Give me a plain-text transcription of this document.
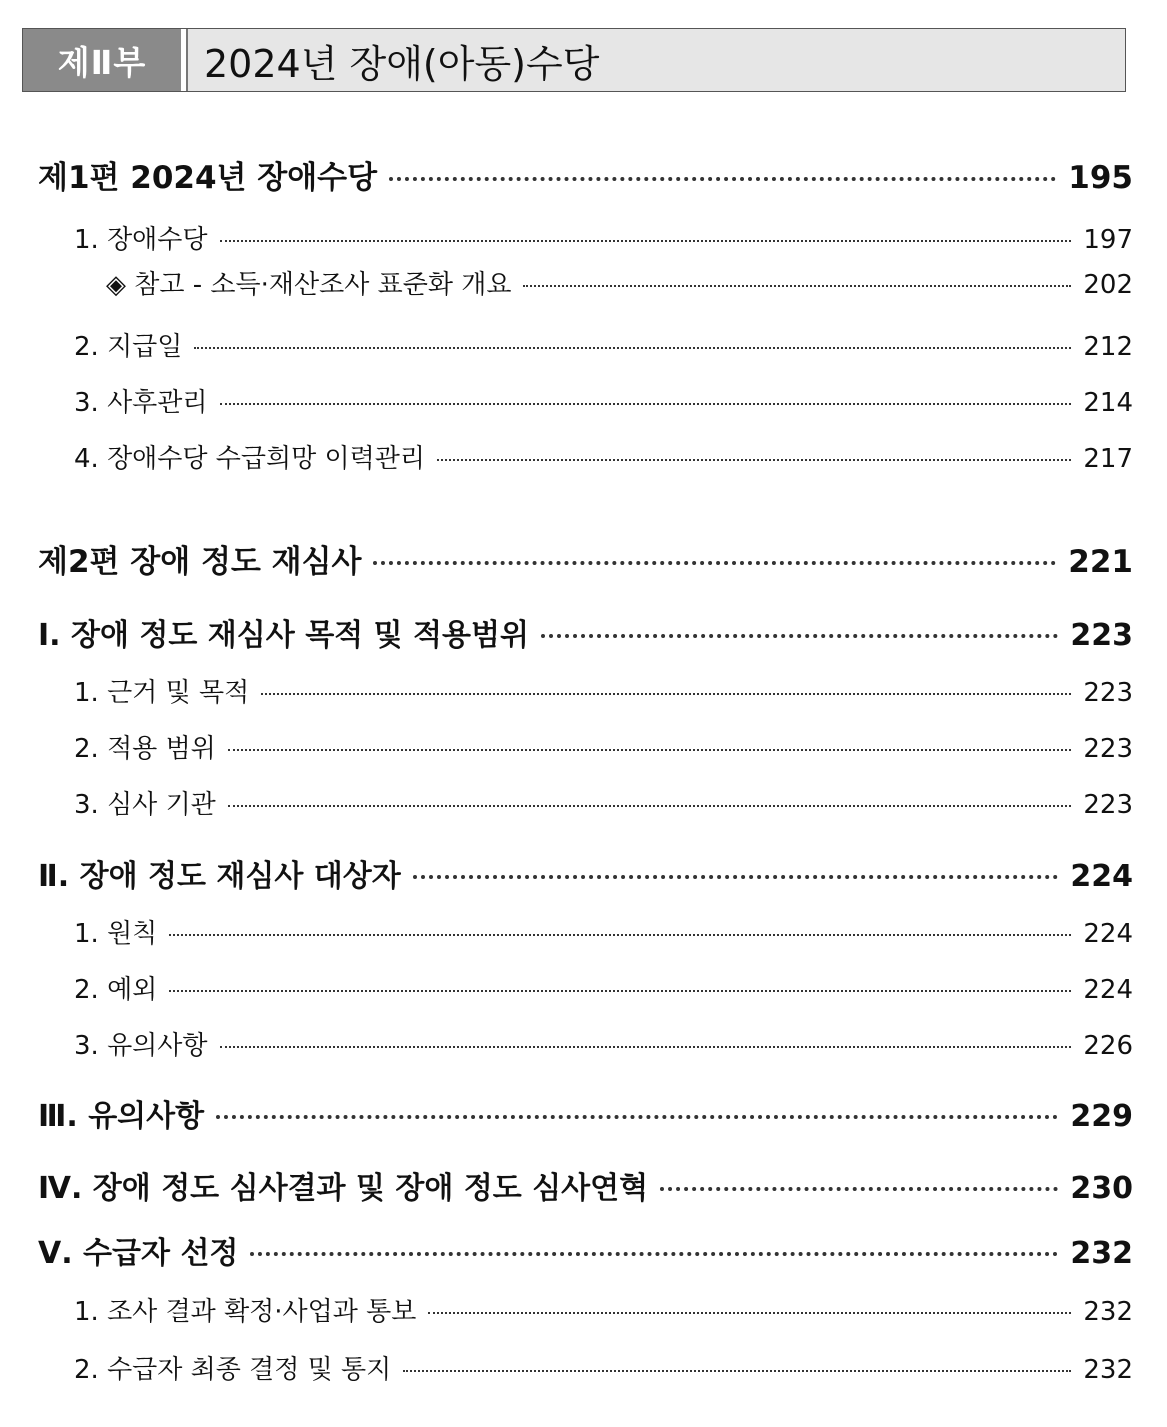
제Ⅱ부	2024년 장애(아동)수당
제1편 2024년 장애수당	195
1. 장애수당	197
◈ 참고 - 소득·재산조사 표준화 개요	202
2. 지급일	212
3. 사후관리	214
4. 장애수당 수급희망 이력관리	217
제2편 장애 정도 재심사	221
Ⅰ. 장애 정도 재심사 목적 및 적용범위	223
1. 근거 및 목적	223
2. 적용 범위	223
3. 심사 기관	223
Ⅱ. 장애 정도 재심사 대상자	224
1. 원칙	224
2. 예외	224
3. 유의사항	226
Ⅲ. 유의사항	229
Ⅳ. 장애 정도 심사결과 및 장애 정도 심사연혁	230
Ⅴ. 수급자 선정	232
1. 조사 결과 확정·사업과 통보	232
2. 수급자 최종 결정 및 통지	232
